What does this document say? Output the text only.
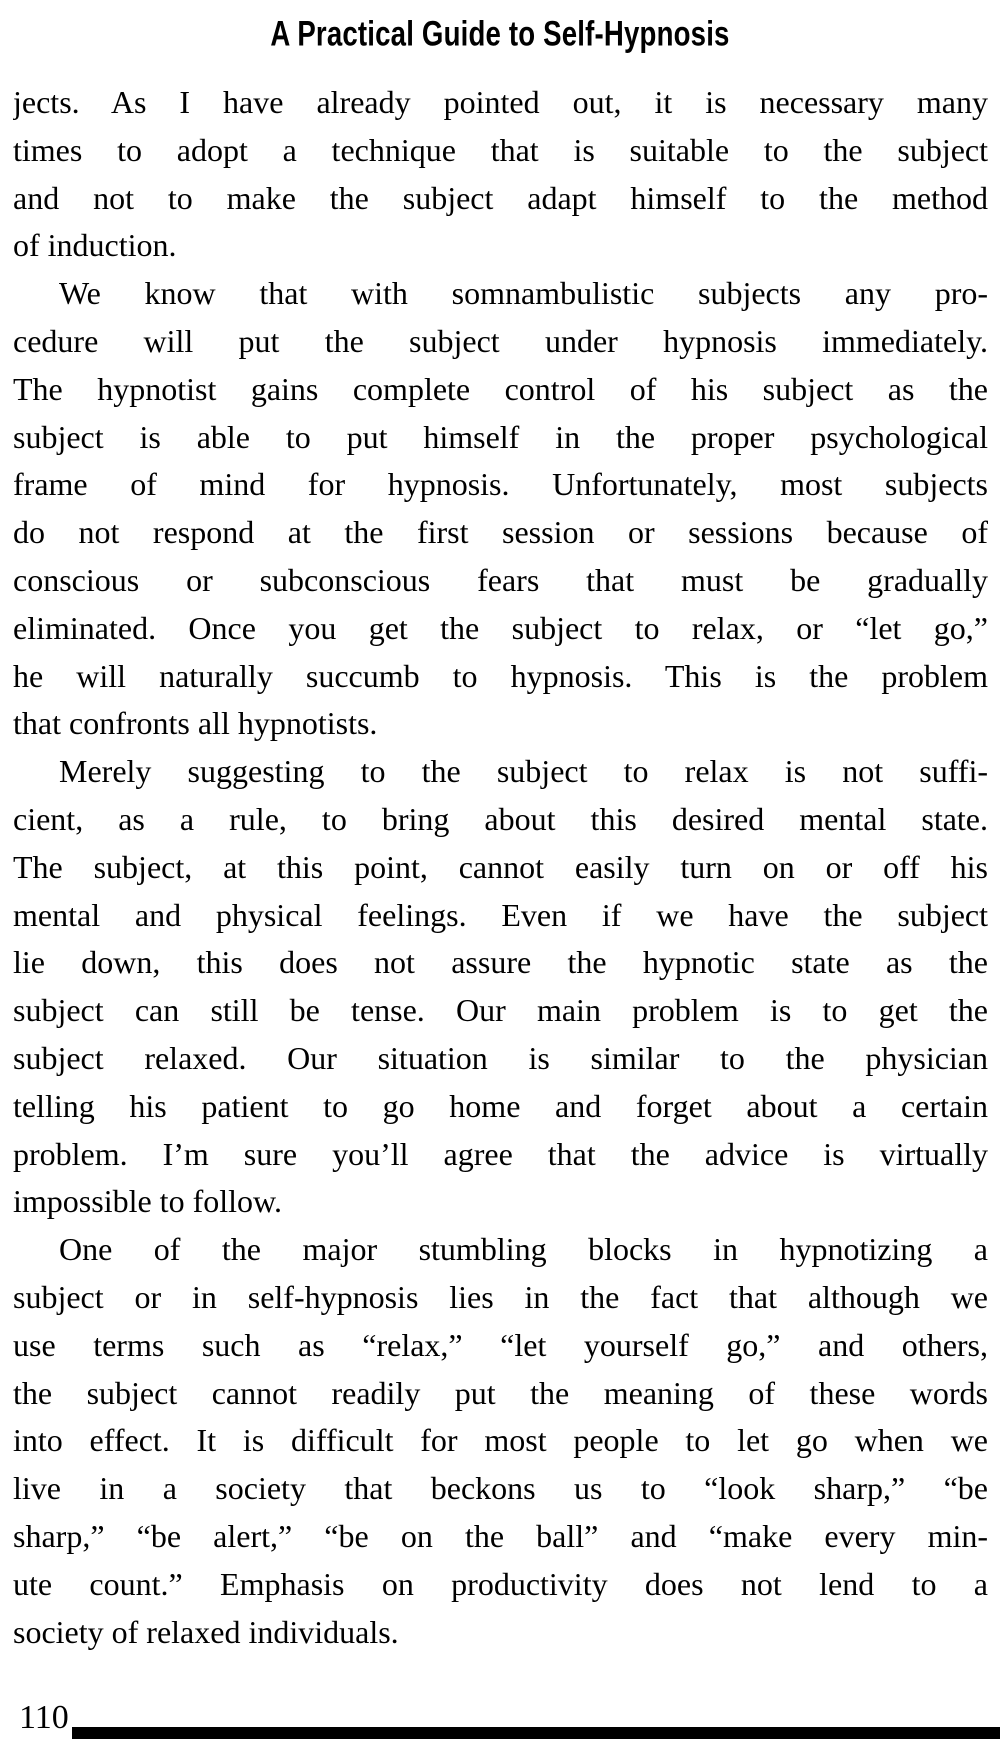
A Practical Guide to Self-Hypnosis
jects. As I have already pointed out, it is necessary many
times to adopt a technique that is suitable to the subject
and not to make the subject adapt himself to the method
of induction.
We know that with somnambulistic subjects any pro-
cedure will put the subject under hypnosis immediately.
The hypnotist gains complete control of his subject as the
subject is able to put himself in the proper psychological
frame of mind for hypnosis. Unfortunately, most subjects
do not respond at the first session or sessions because of
conscious or subconscious fears that must be gradually
eliminated. Once you get the subject to relax, or “let go,”
he will naturally succumb to hypnosis. This is the problem
that confronts all hypnotists.
Merely suggesting to the subject to relax is not suffi-
cient, as a rule, to bring about this desired mental state.
The subject, at this point, cannot easily turn on or off his
mental and physical feelings. Even if we have the subject
lie down, this does not assure the hypnotic state as the
subject can still be tense. Our main problem is to get the
subject relaxed. Our situation is similar to the physician
telling his patient to go home and forget about a certain
problem. I’m sure you’ll agree that the advice is virtually
impossible to follow.
One of the major stumbling blocks in hypnotizing a
subject or in self-hypnosis lies in the fact that although we
use terms such as “relax,” “let yourself go,” and others,
the subject cannot readily put the meaning of these words
into effect. It is difficult for most people to let go when we
live in a society that beckons us to “look sharp,” “be
sharp,” “be alert,” “be on the ball” and “make every min-
ute count.” Emphasis on productivity does not lend to a
society of relaxed individuals.
110
